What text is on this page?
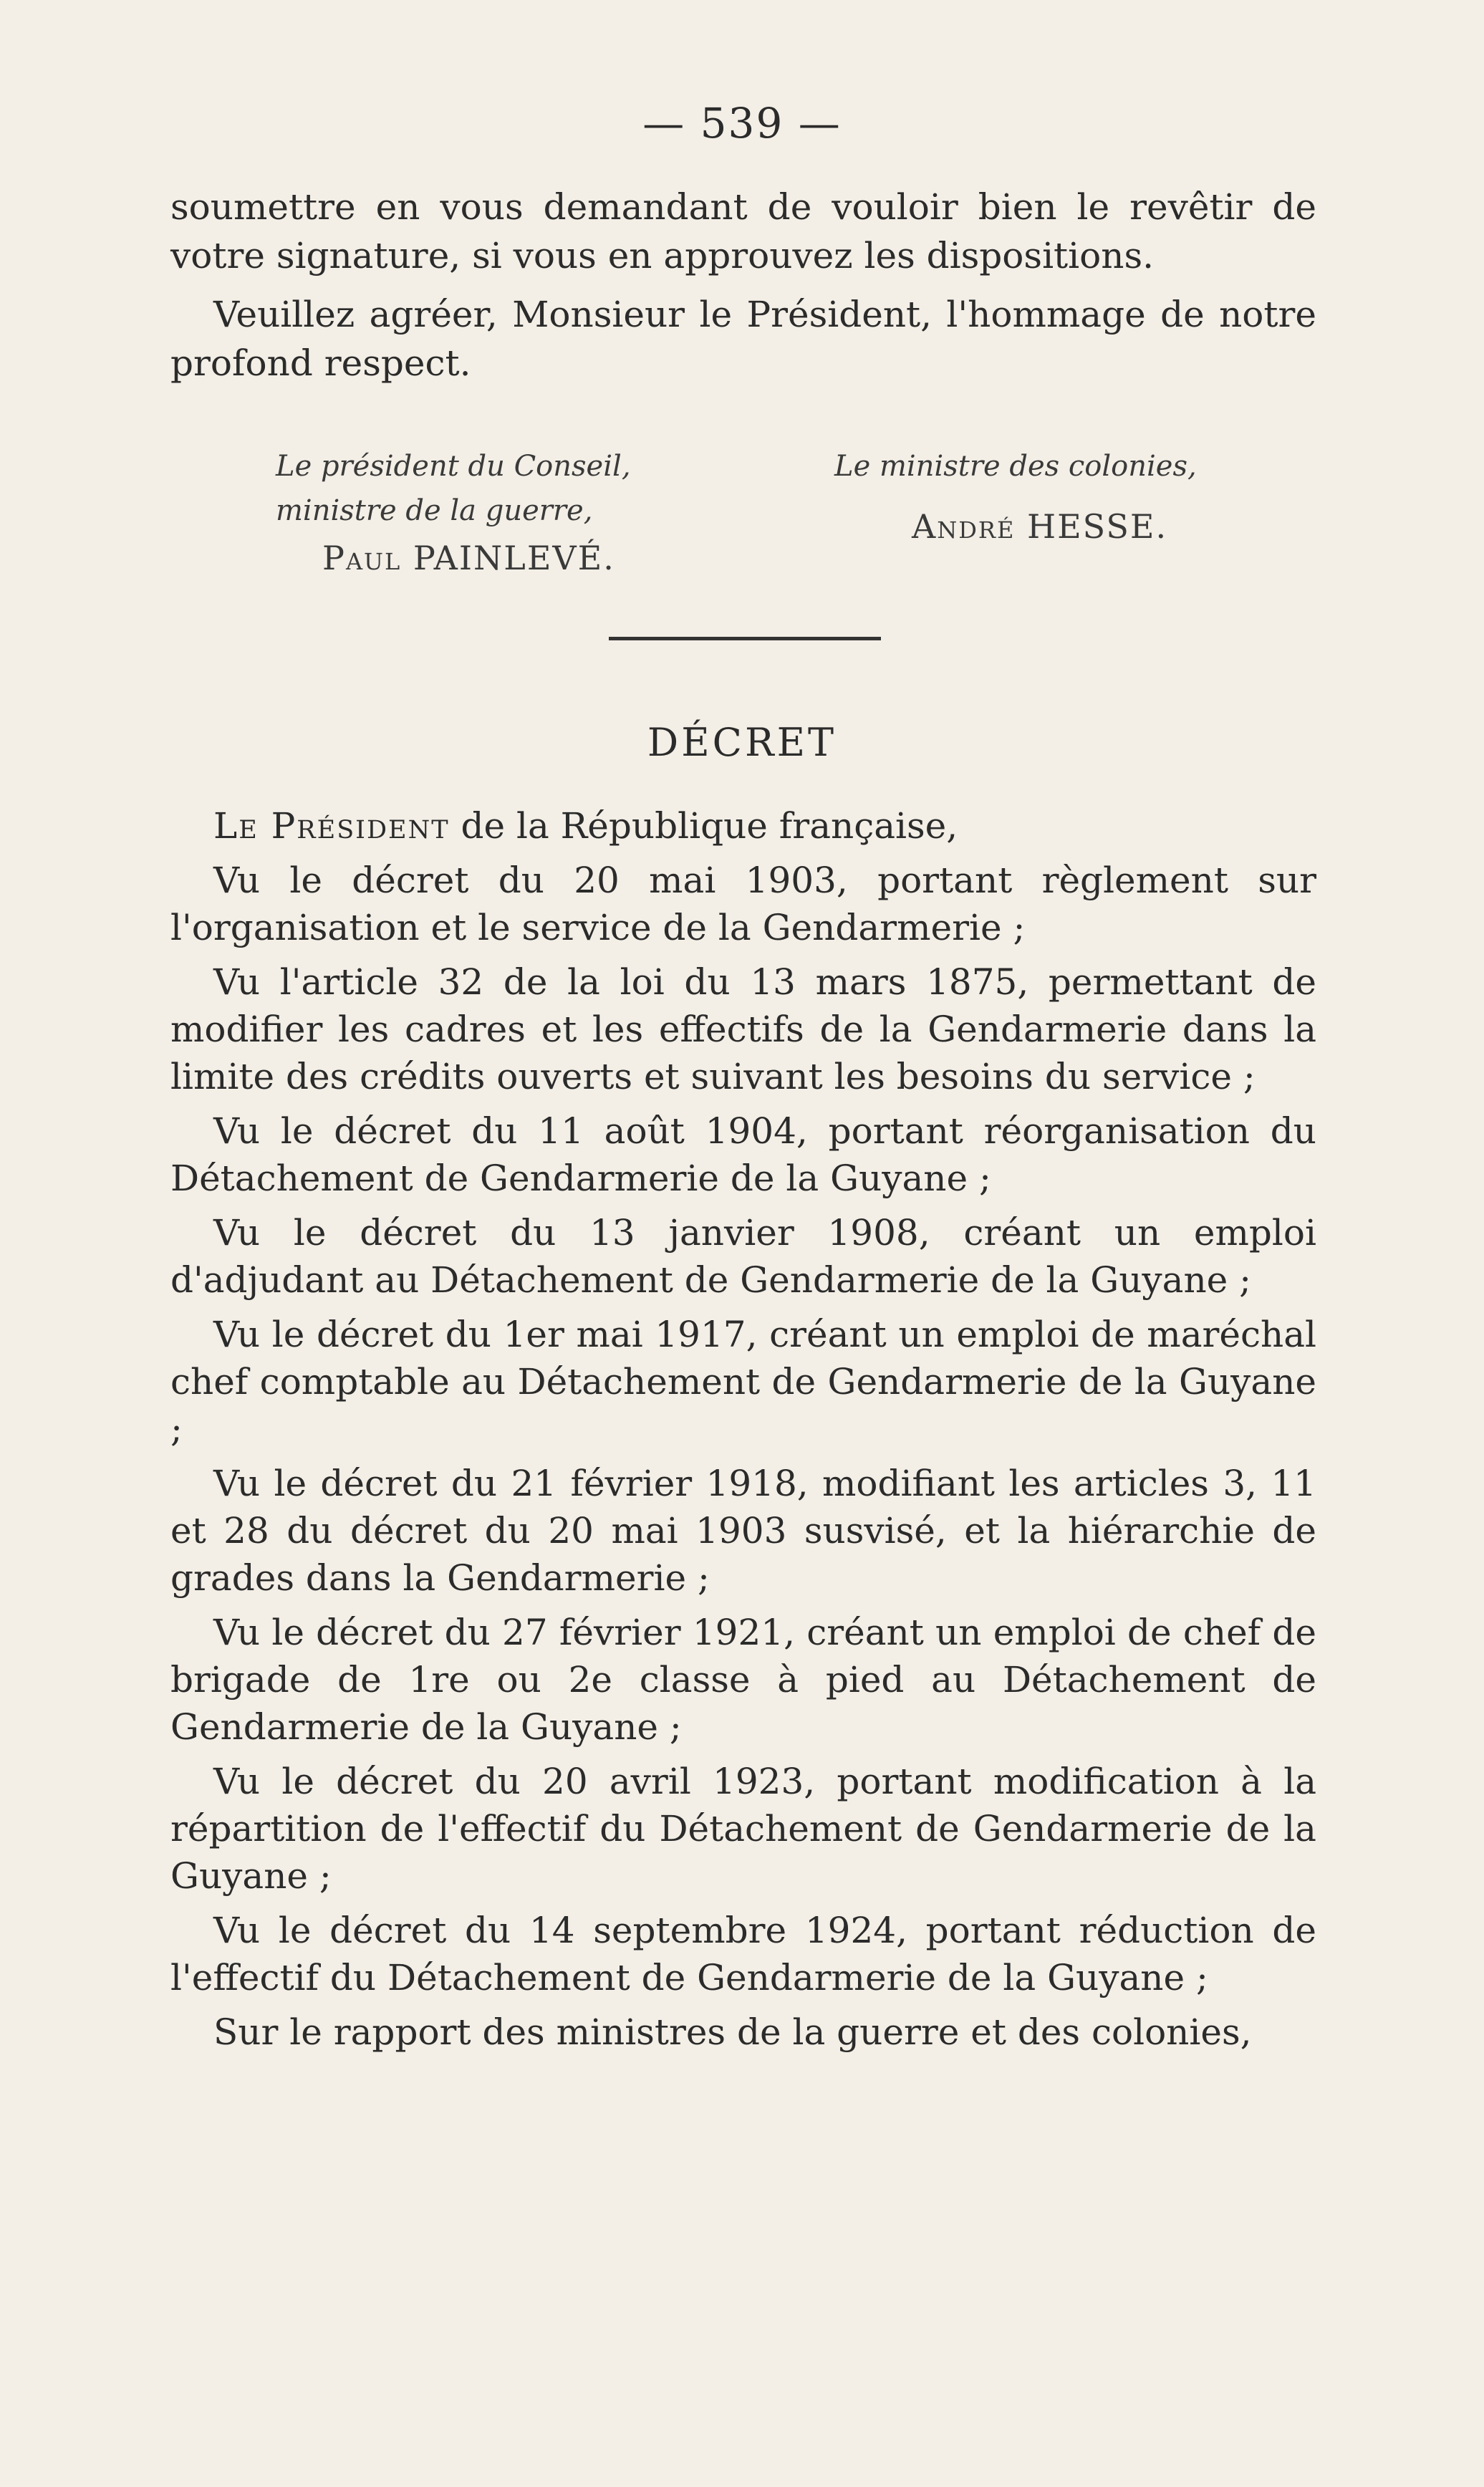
— 539 —
soumettre en vous demandant de vouloir bien le revêtir de votre signature, si vous en approuvez les dispositions.
Veuillez agréer, Monsieur le Président, l'hommage de notre profond respect.
Le président du Conseil,
ministre de la guerre,
Paul PAINLEVÉ.
Le ministre des colonies,
André HESSE.
DÉCRET

Le Président de la République française,

Vu le décret du 20 mai 1903, portant règlement sur l'organisation et le service de la Gendarmerie ;

Vu l'article 32 de la loi du 13 mars 1875, permettant de modifier les cadres et les effectifs de la Gendarmerie dans la limite des crédits ouverts et suivant les besoins du service ;

Vu le décret du 11 août 1904, portant réorganisation du Détachement de Gendarmerie de la Guyane ;

Vu le décret du 13 janvier 1908, créant un emploi d'adjudant au Détachement de Gendarmerie de la Guyane ;

Vu le décret du 1er mai 1917, créant un emploi de maréchal chef comptable au Détachement de Gendarmerie de la Guyane ;

Vu le décret du 21 février 1918, modifiant les articles 3, 11 et 28 du décret du 20 mai 1903 susvisé, et la hiérarchie de grades dans la Gendarmerie ;

Vu le décret du 27 février 1921, créant un emploi de chef de brigade de 1re ou 2e classe à pied au Détachement de Gendarmerie de la Guyane ;

Vu le décret du 20 avril 1923, portant modification à la répartition de l'effectif du Détachement de Gendarmerie de la Guyane ;

Vu le décret du 14 septembre 1924, portant réduction de l'effectif du Détachement de Gendarmerie de la Guyane ;

Sur le rapport des ministres de la guerre et des colonies,
